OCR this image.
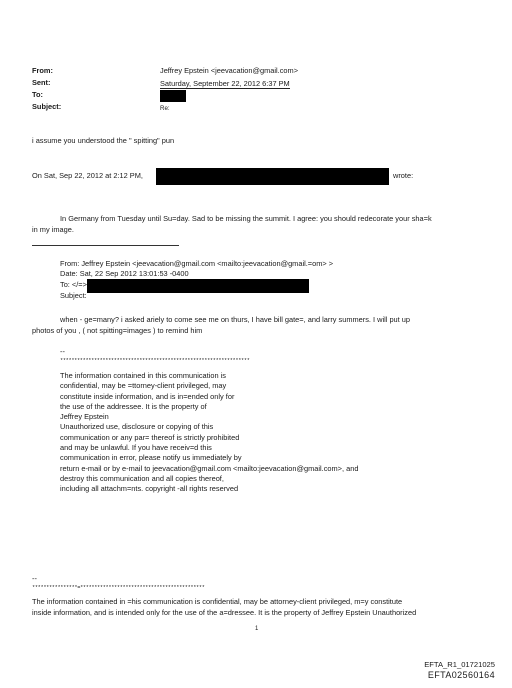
From:	Jeffrey Epstein <jeevacation@gmail.com>
Sent:	Saturday, September 22, 2012 6:37 PM
To:
Subject:	Re:
i assume you understood the " spitting" pun
On Sat, Sep 22, 2012 at 2:12 PM,	wrote:
In Germany from Tuesday until Su=day. Sad to be missing the summit. I agree: you should redecorate your sha=k
in my image.
From: Jeffrey Epstein <jeevacation@gmail.com <mailto:jeevacation@gmail.=om> >
Date: Sat, 22 Sep 2012 13:01:53 -0400
To: </=>
Subject:
when - ge=many? i asked ariely to come see me on thurs, I have bill gate=, and larry summers. I will put up
photos of you , ( not spitting=images ) to remind him
--
*******************************************************************
The information contained in this communication is
confidential, may be =ttorney-client privileged, may
constitute inside information, and is in=ended only for
the use of the addressee. It is the property of
Jeffrey Epstein
Unauthorized use, disclosure or copying of this
communication or any par= thereof is strictly prohibited
and may be unlawful. If you have receiv=d this
communication in error, please notify us immediately by
return e-mail or by e-mail to jeevacation@gmail.com <mailto:jeevacation@gmail.com>, and
destroy this communication and all copies thereof,
including all attachm=nts. copyright -all rights reserved
--
****************=********************************************
The information contained in =his communication is confidential, may be attorney-client privileged, m=y constitute
inside information, and is intended only for the use of the a=dressee. It is the property of Jeffrey Epstein Unauthorized
1
EFTA_R1_01721025
EFTA02560164
